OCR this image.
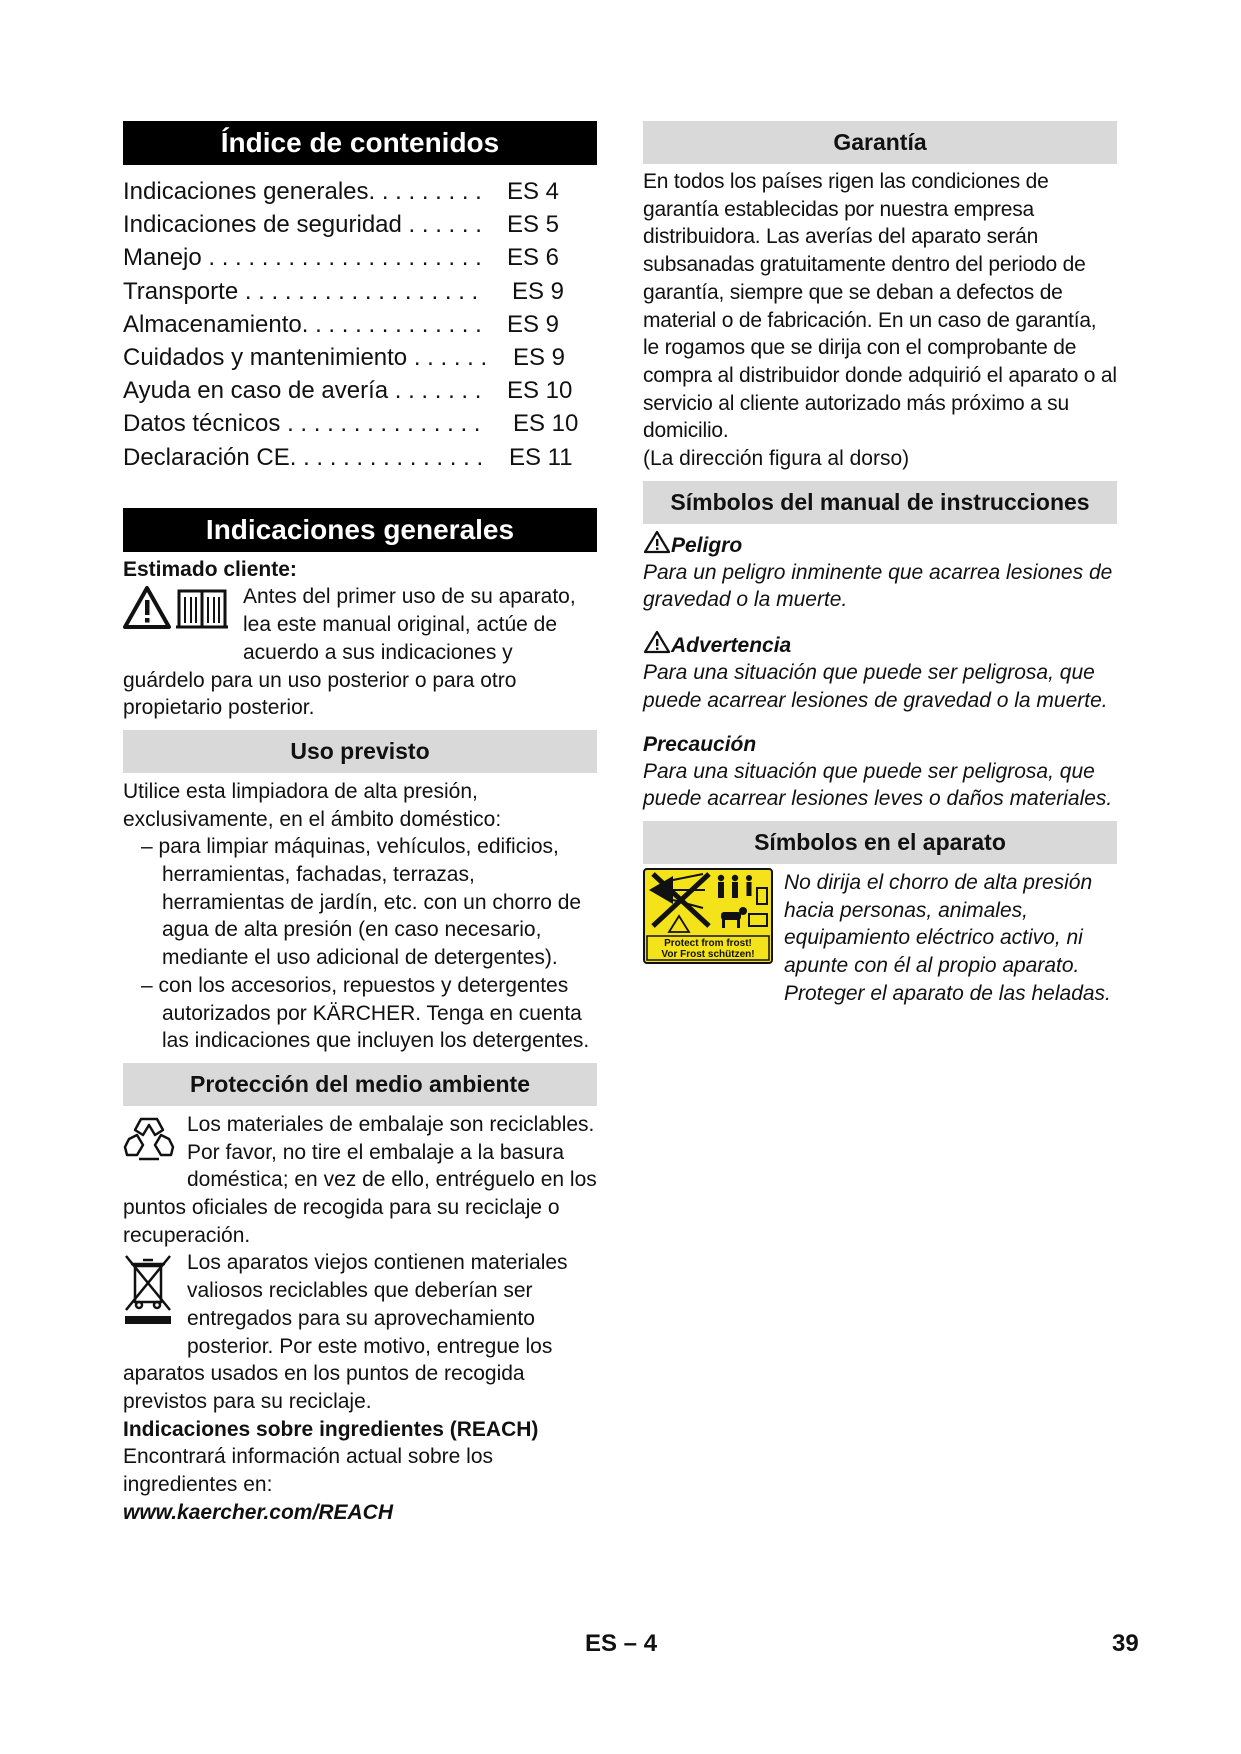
Índice de contenidos
Indicaciones generales. . . . . . . . . ES 4
Indicaciones de seguridad . . . . . . ES 5
Manejo . . . . . . . . . . . . . . . . . . . . . ES 6
Transporte . . . . . . . . . . . . . . . . . . ES 9
Almacenamiento. . . . . . . . . . . . . . ES 9
Cuidados y mantenimiento . . . . . . ES 9
Ayuda en caso de avería . . . . . . . ES 10
Datos técnicos . . . . . . . . . . . . . . . ES 10
Declaración CE. . . . . . . . . . . . . . . ES 11
Indicaciones generales

Estimado cliente:

Antes del primer uso de su aparato, lea este manual original, actúe de acuerdo a sus indicaciones y guárdelo para un uso posterior o para otro propietario posterior.
Uso previsto

Utilice esta limpiadora de alta presión, exclusivamente, en el ámbito doméstico:

– para limpiar máquinas, vehículos, edificios, herramientas, fachadas, terrazas, herramientas de jardín, etc. con un chorro de agua de alta presión (en caso necesario, mediante el uso adicional de detergentes).

– con los accesorios, repuestos y detergentes autorizados por KÄRCHER. Tenga en cuenta las indicaciones que incluyen los detergentes.

Protección del medio ambiente
Los materiales de embalaje son reciclables. Por favor, no tire el embalaje a la basura doméstica; en vez de ello, entréguelo en los puntos oficiales de recogida para su reciclaje o recuperación.
Los aparatos viejos contienen materiales valiosos reciclables que deberían ser entregados para su aprovechamiento posterior. Por este motivo, entregue los aparatos usados en los puntos de recogida previstos para su reciclaje.

Indicaciones sobre ingredientes (REACH)

Encontrará información actual sobre los ingredientes en:

www.kaercher.com/REACH

Garantía

En todos los países rigen las condiciones de garantía establecidas por nuestra empresa distribuidora. Las averías del aparato serán subsanadas gratuitamente dentro del periodo de garantía, siempre que se deban a defectos de material o de fabricación. En un caso de garantía, le rogamos que se dirija con el comprobante de compra al distribuidor donde adquirió el aparato o al servicio al cliente autorizado más próximo a su domicilio.

(La dirección figura al dorso)

Símbolos del manual de instrucciones
Peligro

Para un peligro inminente que acarrea lesiones de gravedad o la muerte.

Advertencia

Para una situación que puede ser peligrosa, que puede acarrear lesiones de gravedad o la muerte.

Precaución

Para una situación que puede ser peligrosa, que puede acarrear lesiones leves o daños materiales.

Símbolos en el aparato

No dirija el chorro de alta presión hacia personas, animales, equipamiento eléctrico activo, ni apunte con él al propio aparato. Proteger el aparato de las heladas.

Protect from frost!
Vor Frost schützen!
ES – 4	39
